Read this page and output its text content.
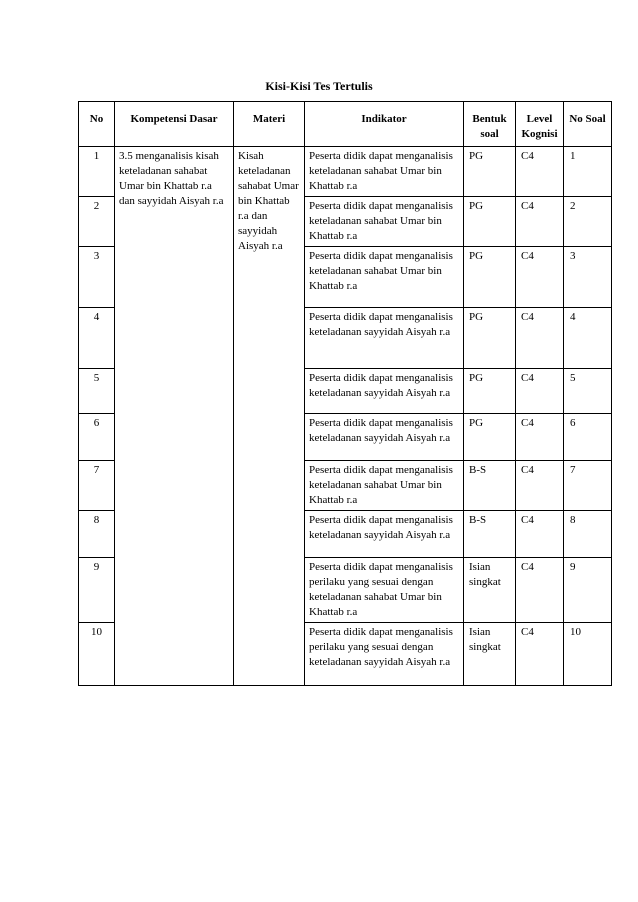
Kisi-Kisi Tes Tertulis
No	Kompetensi Dasar	Materi	Indikator	Bentuk soal	Level Kognisi	No Soal
1	3.5 menganalisis kisah keteladanan sahabat Umar bin Khattab r.a dan sayyidah Aisyah r.a	Kisah keteladanan sahabat Umar bin Khattab r.a dan sayyidah Aisyah r.a	Peserta didik dapat menganalisis keteladanan sahabat Umar bin Khattab r.a	PG	C4	1
2			Peserta didik dapat menganalisis keteladanan sahabat Umar bin Khattab r.a	PG	C4	2
3			Peserta didik dapat menganalisis keteladanan sahabat Umar bin Khattab r.a	PG	C4	3
4			Peserta didik dapat menganalisis keteladanan sayyidah Aisyah r.a	PG	C4	4
5			Peserta didik dapat menganalisis keteladanan sayyidah Aisyah r.a	PG	C4	5
6			Peserta didik dapat menganalisis keteladanan sayyidah Aisyah r.a	PG	C4	6
7			Peserta didik dapat menganalisis keteladanan sahabat Umar bin Khattab r.a	B-S	C4	7
8			Peserta didik dapat menganalisis keteladanan sayyidah Aisyah r.a	B-S	C4	8
9			Peserta didik dapat menganalisis perilaku yang sesuai dengan keteladanan sahabat Umar bin Khattab r.a	Isian singkat	C4	9
10			Peserta didik dapat menganalisis perilaku yang sesuai dengan keteladanan sayyidah Aisyah r.a	Isian singkat	C4	10
